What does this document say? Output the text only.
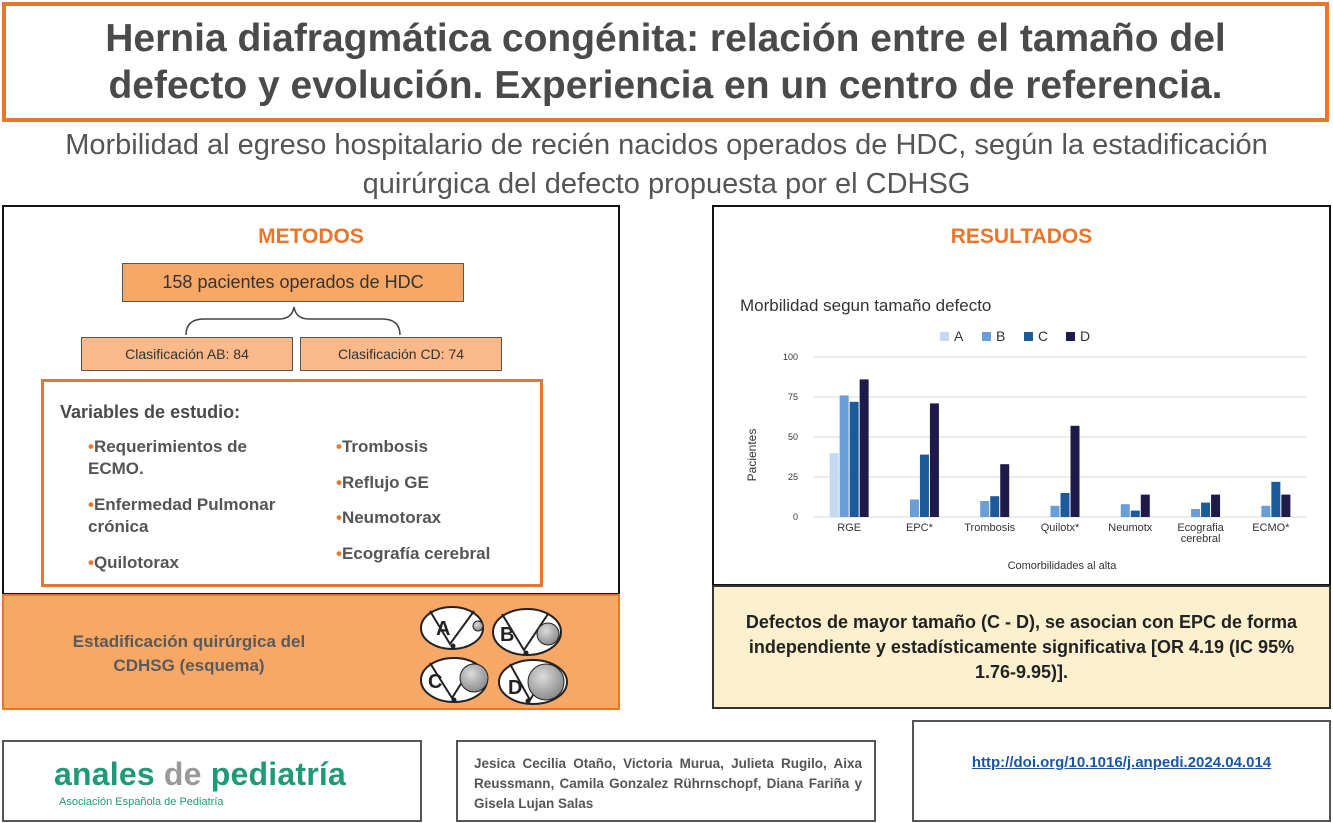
Hernia diafragmática congénita: relación entre el tamaño del defecto y evolución. Experiencia en un centro de referencia.
Morbilidad al egreso hospitalario de recién nacidos operados de HDC, según la estadificación quirúrgica del defecto propuesta por el CDHSG
METODOS
158 pacientes operados de HDC
Clasificación AB: 84	Clasificación CD: 74
Variables de estudio:
•Requerimientos de ECMO.
•Enfermedad Pulmonar crónica
•Quilotorax
•Trombosis
•Reflujo GE
•Neumotorax
•Ecografía cerebral
Estadificación quirúrgica del CDHSG (esquema)
A B
C	D
RESULTADOS
Morbilidad segun tamaño defecto
A B C D
0
25
50
75
100
RGE	EPC*	Trombosis Quilotx*	Neumotx Ecografia
cerebral
ECMO*
Pacientes
Comorbilidades al alta

Defectos de mayor tamaño (C - D), se asocian con EPC de forma independiente y estadísticamente significativa [OR 4.19 (IC 95% 1.76-9.95)].

anales de pediatría
Asociación Española de Pediatría

Jesica Cecilia Otaño, Victoria Murua, Julieta Rugilo, Aixa Reussmann, Camila Gonzalez Rührnschopf, Diana Fariña y Gisela Lujan Salas

http://doi.org/10.1016/j.anpedi.2024.04.014
